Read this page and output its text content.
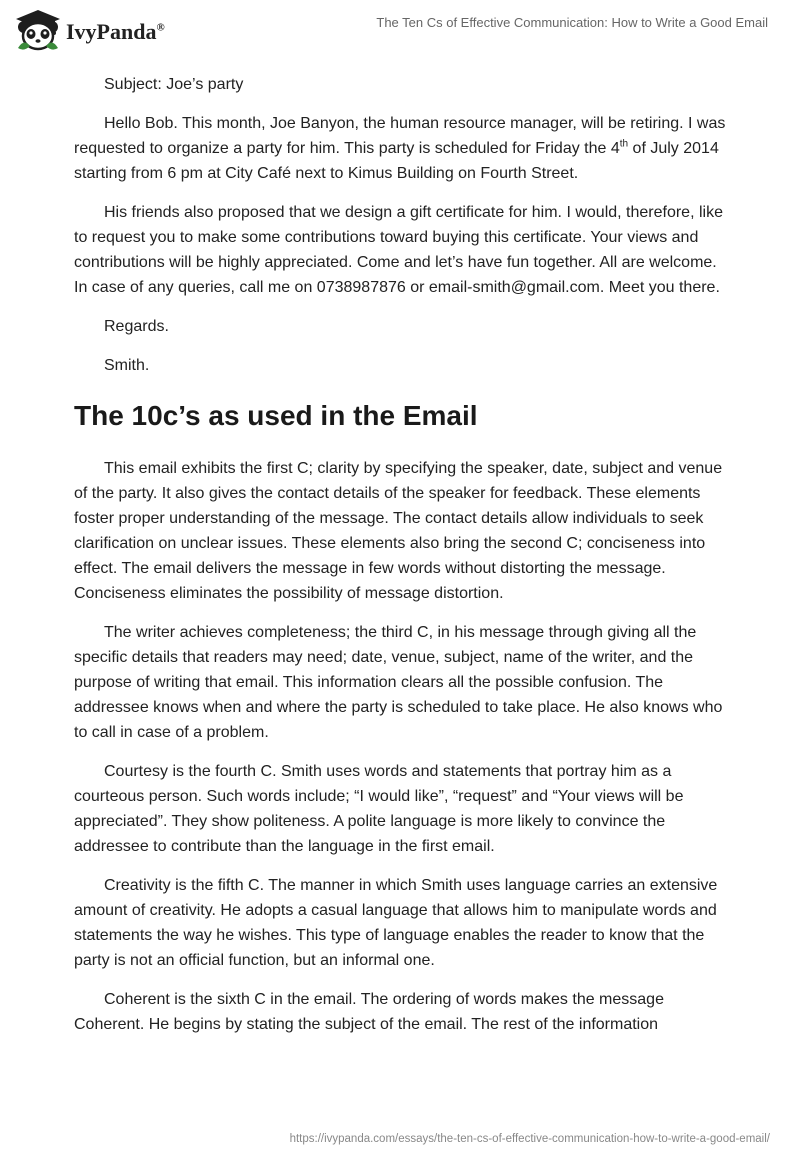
IvyPanda®	The Ten Cs of Effective Communication: How to Write a Good Email

Subject: Joe’s party

Hello Bob. This month, Joe Banyon, the human resource manager, will be retiring. I was requested to organize a party for him. This party is scheduled for Friday the 4th of July 2014 starting from 6 pm at City Café next to Kimus Building on Fourth Street.

His friends also proposed that we design a gift certificate for him. I would, therefore, like to request you to make some contributions toward buying this certificate. Your views and contributions will be highly appreciated. Come and let’s have fun together. All are welcome. In case of any queries, call me on 0738987876 or email-smith@gmail.com. Meet you there.

Regards.

Smith.

The 10c’s as used in the Email

This email exhibits the first C; clarity by specifying the speaker, date, subject and venue of the party. It also gives the contact details of the speaker for feedback. These elements foster proper understanding of the message. The contact details allow individuals to seek clarification on unclear issues. These elements also bring the second C; conciseness into effect. The email delivers the message in few words without distorting the message. Conciseness eliminates the possibility of message distortion.

The writer achieves completeness; the third C, in his message through giving all the specific details that readers may need; date, venue, subject, name of the writer, and the purpose of writing that email. This information clears all the possible confusion. The addressee knows when and where the party is scheduled to take place. He also knows who to call in case of a problem.

Courtesy is the fourth C. Smith uses words and statements that portray him as a courteous person. Such words include; “I would like”, “request” and “Your views will be appreciated”. They show politeness. A polite language is more likely to convince the addressee to contribute than the language in the first email.

Creativity is the fifth C. The manner in which Smith uses language carries an extensive amount of creativity. He adopts a casual language that allows him to manipulate words and statements the way he wishes. This type of language enables the reader to know that the party is not an official function, but an informal one.

Coherent is the sixth C in the email. The ordering of words makes the message Coherent. He begins by stating the subject of the email. The rest of the information

https://ivypanda.com/essays/the-ten-cs-of-effective-communication-how-to-write-a-good-email/
